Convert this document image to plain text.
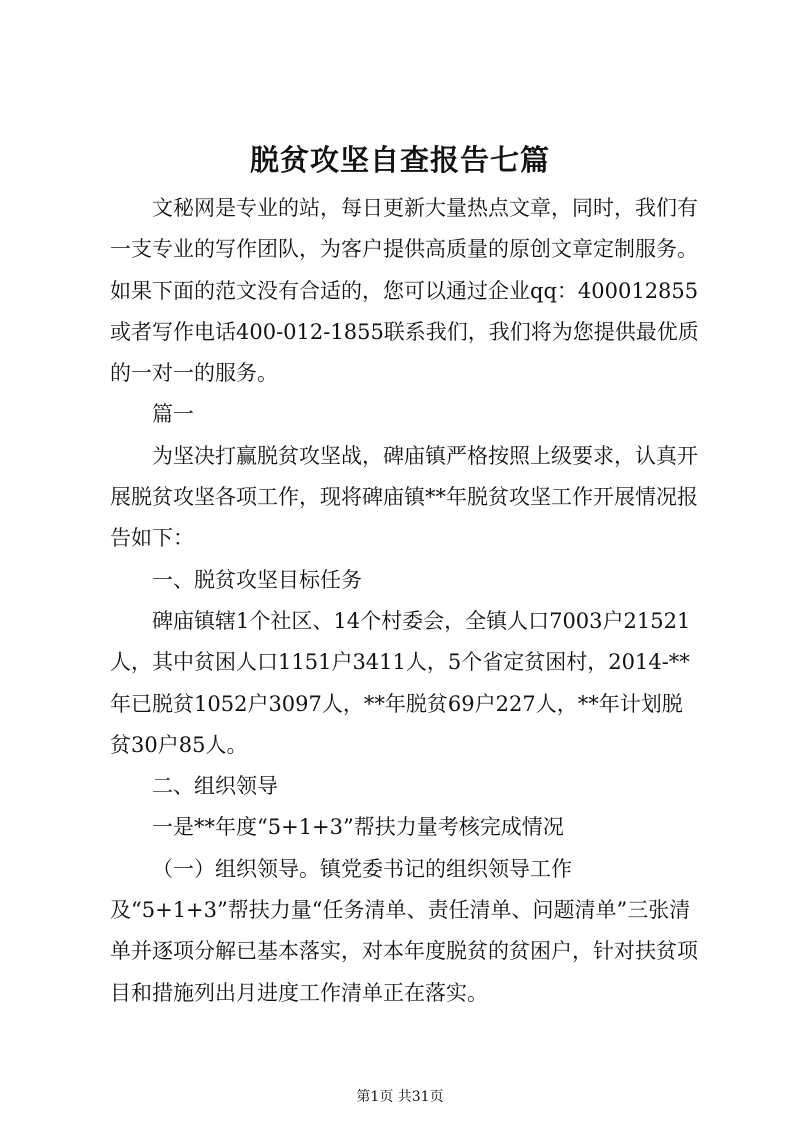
脱贫攻坚自查报告七篇

文秘网是专业的站，每日更新大量热点文章，同时，我们有一支专业的写作团队，为客户提供高质量的原创文章定制服务。如果下面的范文没有合适的，您可以通过企业qq：400012855或者写作电话400-012-1855联系我们，我们将为您提供最优质的一对一的服务。

篇一

为坚决打赢脱贫攻坚战，碑庙镇严格按照上级要求，认真开展脱贫攻坚各项工作，现将碑庙镇**年脱贫攻坚工作开展情况报告如下：

一、脱贫攻坚目标任务

碑庙镇辖1个社区、14个村委会，全镇人口7003户21521人，其中贫困人口1151户3411人，5个省定贫困村，2014-**年已脱贫1052户3097人，**年脱贫69户227人，**年计划脱贫30户85人。

二、组织领导

一是**年度“5+1+3”帮扶力量考核完成情况

（一）组织领导。镇党委书记的组织领导工作及“5+1+3”帮扶力量“任务清单、责任清单、问题清单”三张清单并逐项分解已基本落实，对本年度脱贫的贫困户，针对扶贫项目和措施列出月进度工作清单正在落实。

第1页 共31页
